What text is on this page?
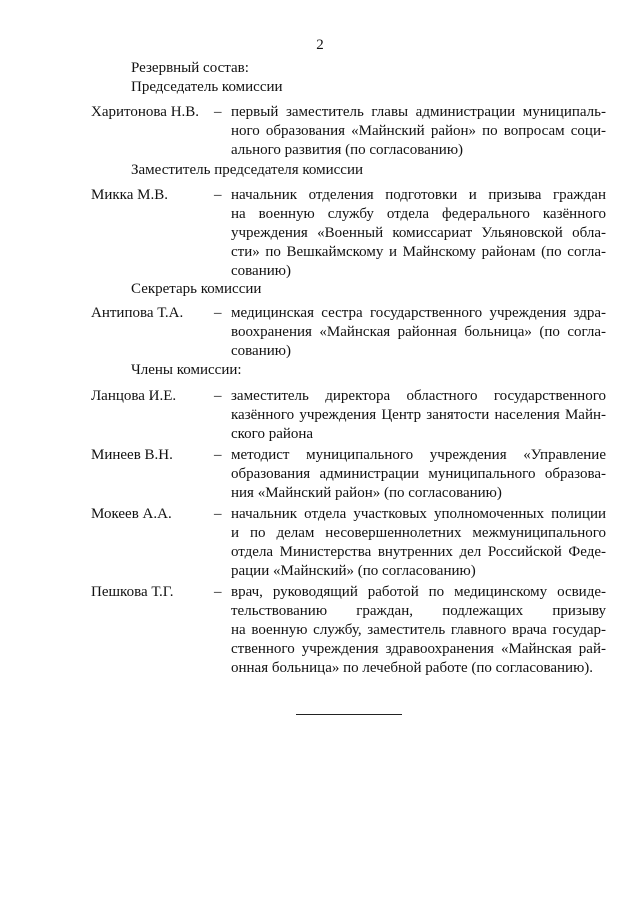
2
Резервный состав:
Председатель комиссии
Харитонова Н.В. – первый заместитель главы администрации муниципаль-
ного образования «Майнский район» по вопросам соци-
ального развития (по согласованию)
Заместитель председателя комиссии
Микка М.В.	– начальник отделения подготовки и призыва граждан
на военную службу отдела федерального казённого
учреждения «Военный комиссариат Ульяновской обла-
сти» по Вешкаймскому и Майнскому районам (по согла-
сованию)
Секретарь комиссии
Антипова Т.А. – медицинская сестра государственного учреждения здра-
воохранения «Майнская районная больница» (по согла-
сованию)
Члены комиссии:
Ланцова И.Е.	– заместитель директора областного государственного
казённого учреждения Центр занятости населения Майн-
ского района
Минеев В.Н.	– методист муниципального учреждения «Управление
образования администрации муниципального образова-
ния «Майнский район» (по согласованию)
Мокеев А.А.	– начальник отдела участковых уполномоченных полиции
и по делам несовершеннолетних межмуниципального
отдела Министерства внутренних дел Российской Феде-
рации «Майнский» (по согласованию)
Пешкова Т.Г.	– врач, руководящий работой по медицинскому освиде-
тельствованию граждан, подлежащих призыву
на военную службу, заместитель главного врача государ-
ственного учреждения здравоохранения «Майнская рай-
онная больница» по лечебной работе (по согласованию).
